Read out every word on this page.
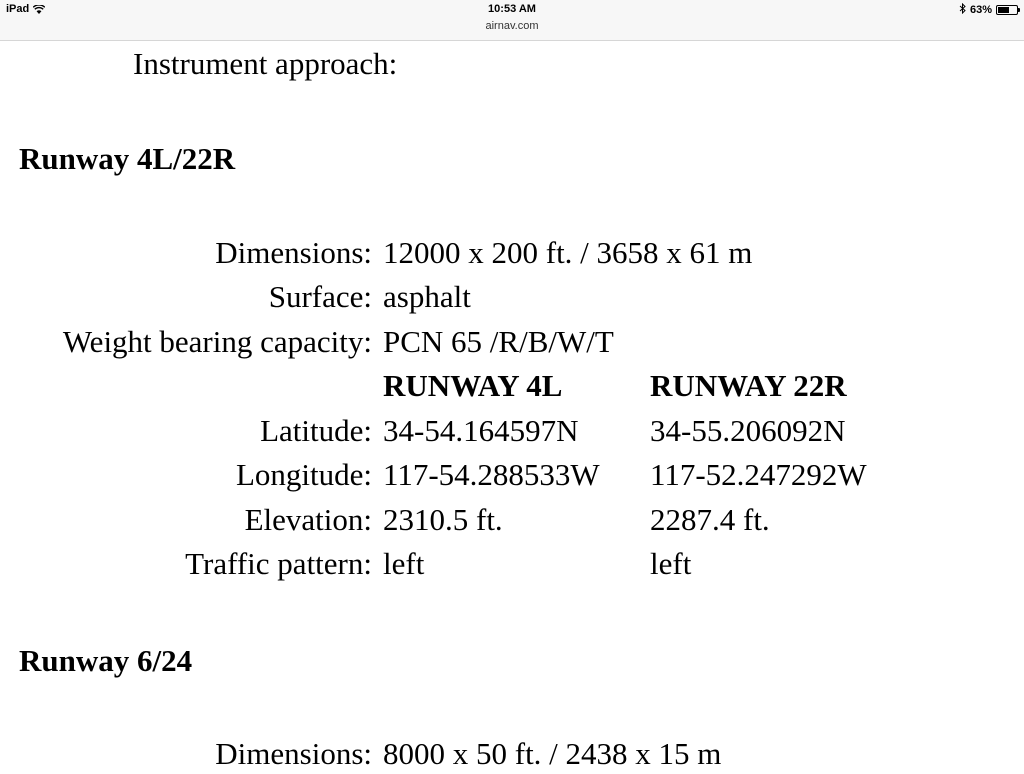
iPad	10:53 AM
airnav.com
63%
Instrument approach:
Runway 4L/22R
Dimensions: 12000 x 200 ft. / 3658 x 61 m
Surface: asphalt
Weight bearing capacity: PCN 65 /R/B/W/T
RUNWAY 4L	RUNWAY 22R
Latitude: 34-54.164597N 34-55.206092N
Longitude: 117-54.288533W 117-52.247292W
Elevation: 2310.5 ft.	2287.4 ft.
Traffic pattern: left	left
Runway 6/24
Dimensions: 8000 x 50 ft. / 2438 x 15 m
